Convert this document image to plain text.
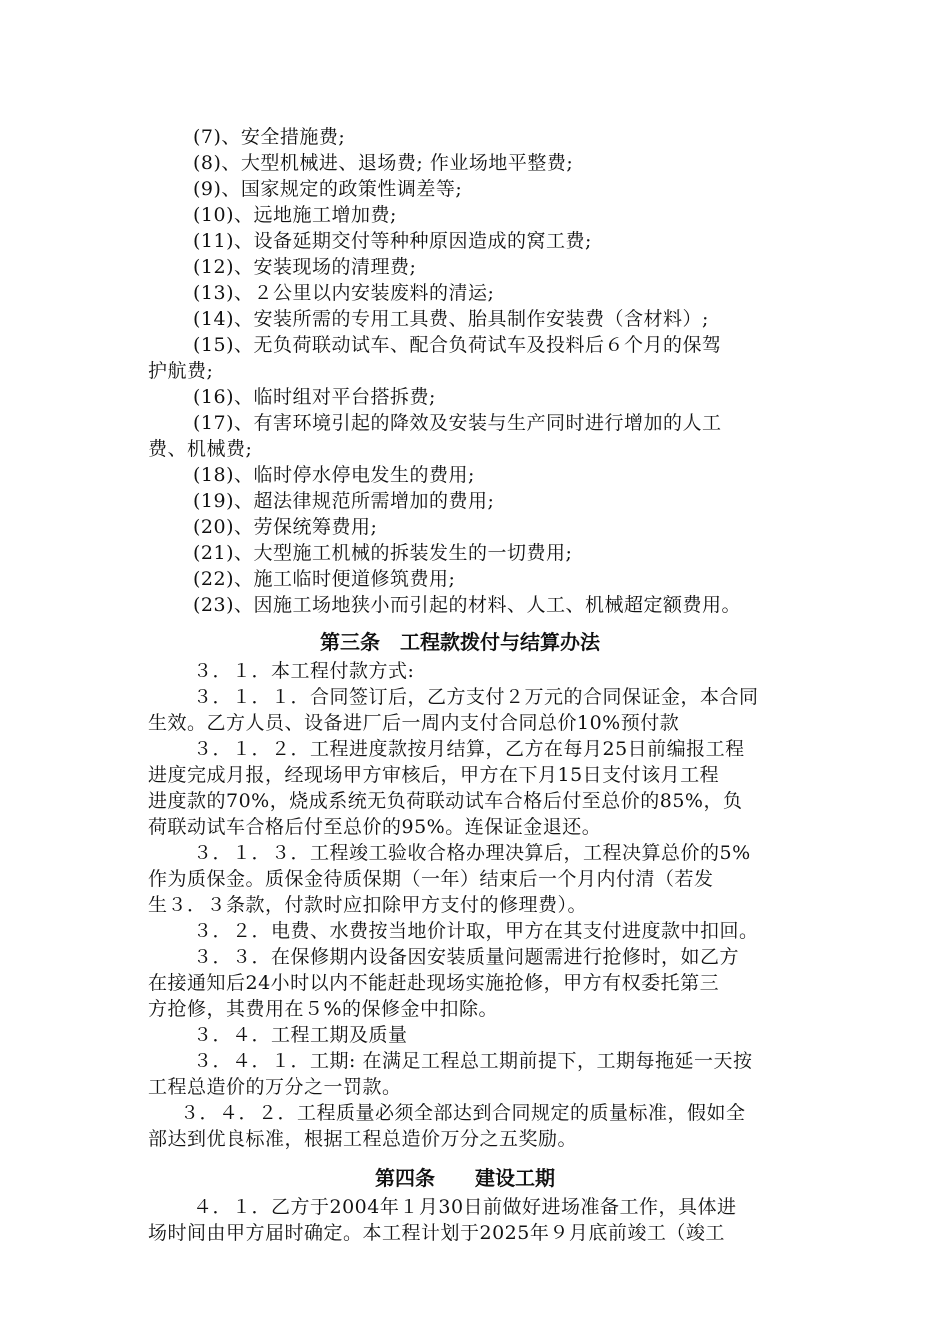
(7)、安全措施费;
(8)、大型机械进、退场费; 作业场地平整费;
(9)、国家规定的政策性调差等;
(10)、远地施工增加费;
(11)、设备延期交付等种种原因造成的窝工费;
(12)、安装现场的清理费;
(13)、２公里以内安装废料的清运;
(14)、安装所需的专用工具费、胎具制作安装费（含材料）;
(15)、无负荷联动试车、配合负荷试车及投料后６个月的保驾
护航费;
(16)、临时组对平台搭拆费;
(17)、有害环境引起的降效及安装与生产同时进行增加的人工
费、机械费;
(18)、临时停水停电发生的费用;
(19)、超法律规范所需增加的费用;
(20)、劳保统筹费用;
(21)、大型施工机械的拆装发生的一切费用;
(22)、施工临时便道修筑费用;
(23)、因施工场地狭小而引起的材料、人工、机械超定额费用。
第三条　工程款拨付与结算办法
３．１．本工程付款方式:
３．１．１．合同签订后，乙方支付２万元的合同保证金，本合同
生效。乙方人员、设备进厂后一周内支付合同总价10%预付款
３．１．２．工程进度款按月结算，乙方在每月25日前编报工程
进度完成月报，经现场甲方审核后，甲方在下月15日支付该月工程
进度款的70%，烧成系统无负荷联动试车合格后付至总价的85%，负
荷联动试车合格后付至总价的95%。连保证金退还。
３．１．３．工程竣工验收合格办理决算后，工程决算总价的5%
作为质保金。质保金待质保期（一年）结束后一个月内付清（若发
生３．３条款，付款时应扣除甲方支付的修理费）。
３．２．电费、水费按当地价计取，甲方在其支付进度款中扣回。
３．３．在保修期内设备因安装质量问题需进行抢修时，如乙方
在接通知后24小时以内不能赶赴现场实施抢修，甲方有权委托第三
方抢修，其费用在５%的保修金中扣除。
３．４．工程工期及质量
３．４．１．工期: 在满足工程总工期前提下，工期每拖延一天按
工程总造价的万分之一罚款。
３．４．２．工程质量必须全部达到合同规定的质量标准，假如全
部达到优良标准，根据工程总造价万分之五奖励。
第四条　　建设工期
４．１．乙方于2004年１月30日前做好进场准备工作，具体进
场时间由甲方届时确定。本工程计划于2025年９月底前竣工（竣工
